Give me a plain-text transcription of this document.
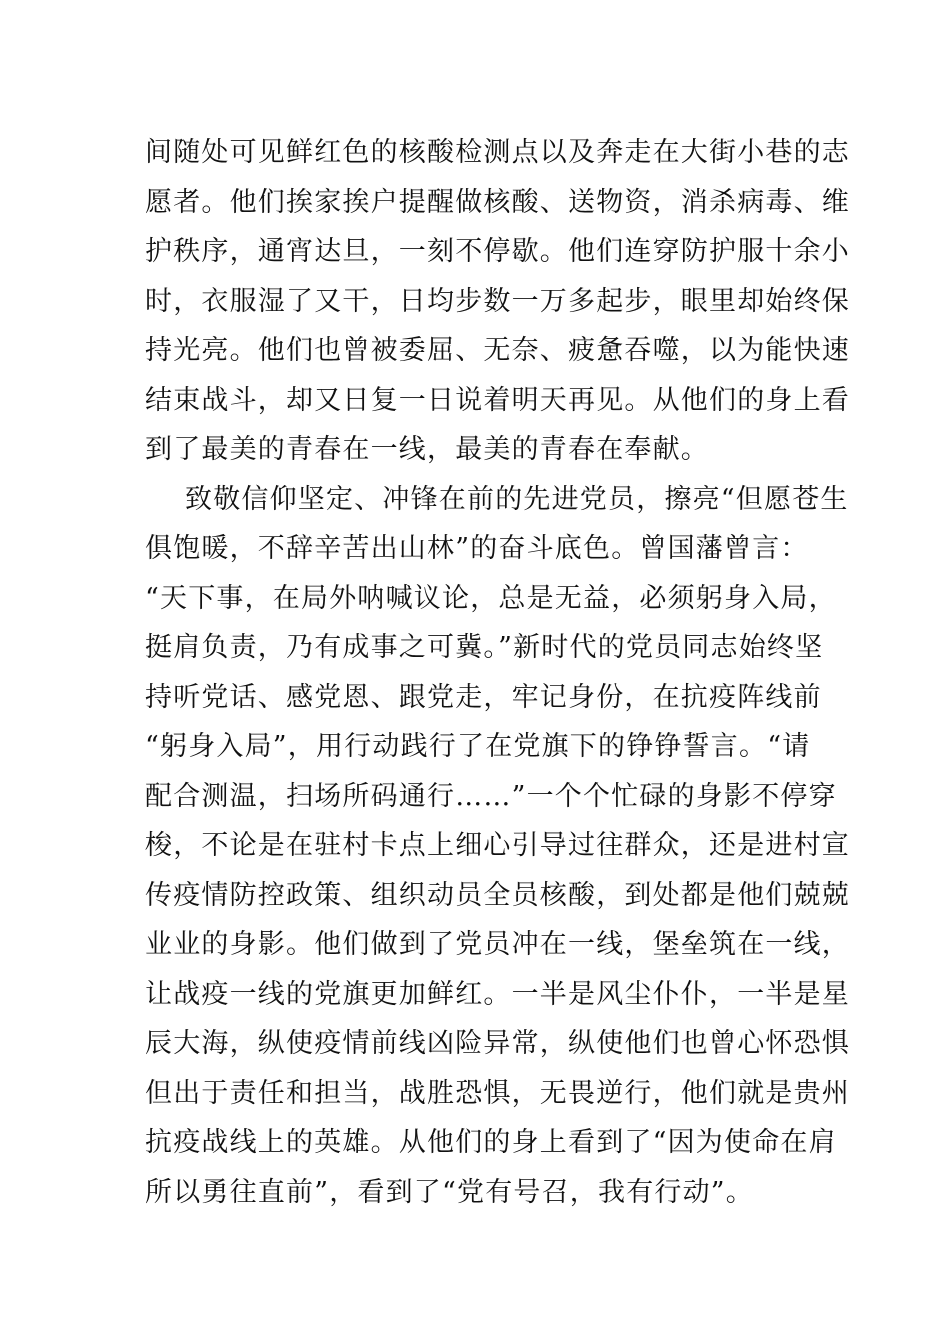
间随处可见鲜红色的核酸检测点以及奔走在大街小巷的志
愿者。他们挨家挨户提醒做核酸、送物资，消杀病毒、维
护秩序，通宵达旦，一刻不停歇。他们连穿防护服十余小
时，衣服湿了又干，日均步数一万多起步，眼里却始终保
持光亮。他们也曾被委屈、无奈、疲惫吞噬，以为能快速
结束战斗，却又日复一日说着明天再见。从他们的身上看
到了最美的青春在一线，最美的青春在奉献。
致敬信仰坚定、冲锋在前的先进党员，擦亮“但愿苍生
俱饱暖，不辞辛苦出山林”的奋斗底色。曾国藩曾言：
“天下事，在局外呐喊议论，总是无益，必须躬身入局，
挺肩负责，乃有成事之可冀。”新时代的党员同志始终坚
持听党话、感党恩、跟党走，牢记身份，在抗疫阵线前
“躬身入局”，用行动践行了在党旗下的铮铮誓言。“请
配合测温，扫场所码通行……”一个个忙碌的身影不停穿
梭，不论是在驻村卡点上细心引导过往群众，还是进村宣
传疫情防控政策、组织动员全员核酸，到处都是他们兢兢
业业的身影。他们做到了党员冲在一线，堡垒筑在一线，
让战疫一线的党旗更加鲜红。一半是风尘仆仆，一半是星
辰大海，纵使疫情前线凶险异常，纵使他们也曾心怀恐惧
但出于责任和担当，战胜恐惧，无畏逆行，他们就是贵州
抗疫战线上的英雄。从他们的身上看到了“因为使命在肩
所以勇往直前”，看到了“党有号召，我有行动”。
